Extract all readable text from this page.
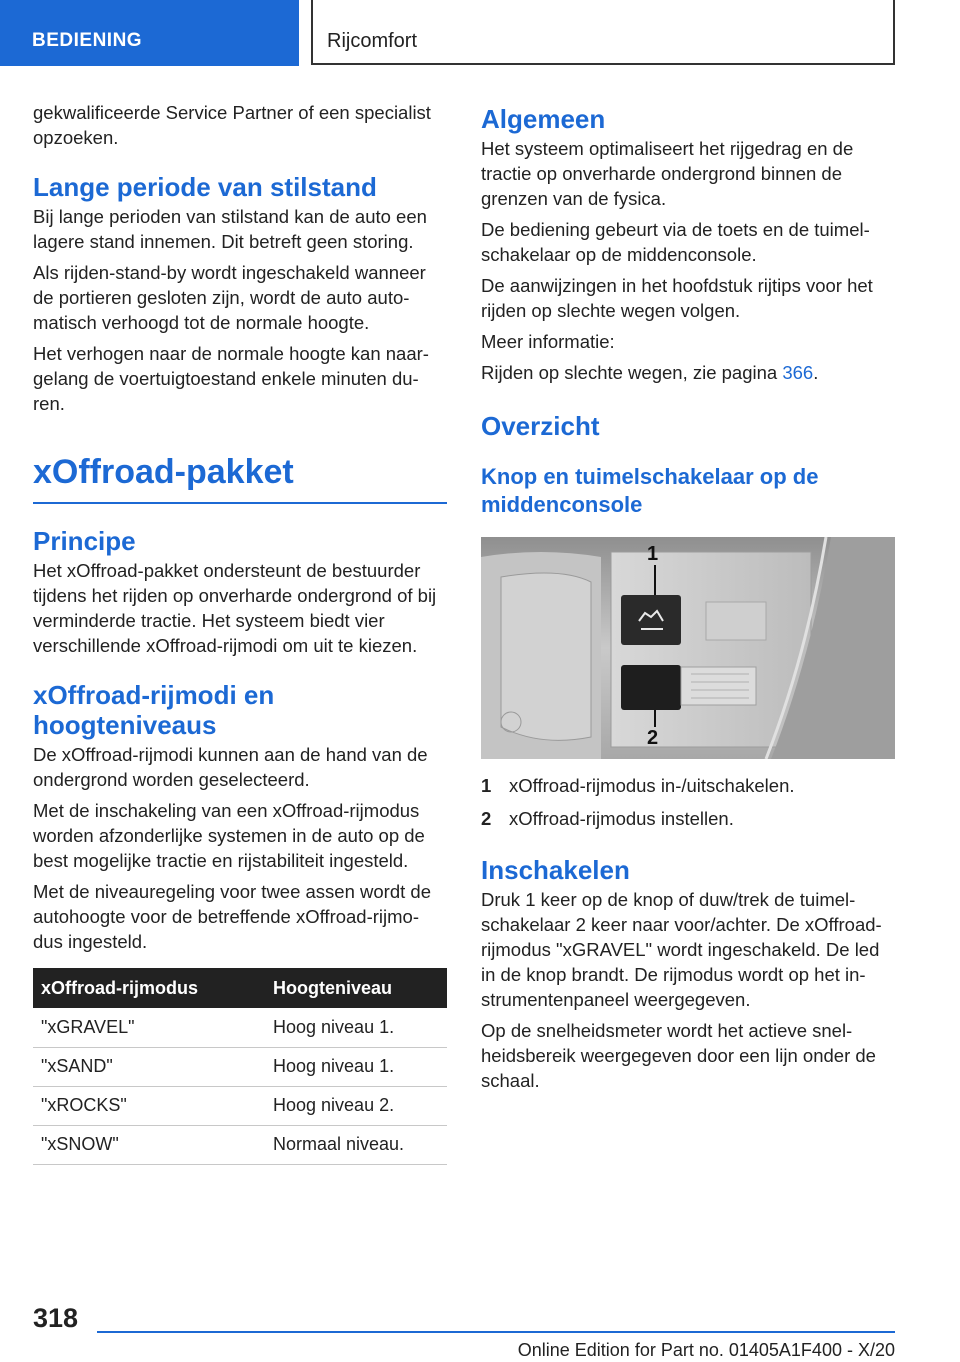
BEDIENING	Rijcomfort

gekwalificeerde Service Partner of een specialist opzoeken.

Lange periode van stilstand

Bij lange perioden van stilstand kan de auto een lagere stand innemen. Dit betreft geen storing.

Als rijden-stand-by wordt ingeschakeld wanneer de portieren gesloten zijn, wordt de auto auto-matisch verhoogd tot de normale hoogte.

Het verhogen naar de normale hoogte kan naar-gelang de voertuigtoestand enkele minuten du-ren.

xOffroad-pakket
Principe

Het xOffroad-pakket ondersteunt de bestuurder tijdens het rijden op onverharde ondergrond of bij verminderde tractie. Het systeem biedt vier verschillende xOffroad-rijmodi om uit te kiezen.

xOffroad-rijmodi en hoogteniveaus

De xOffroad-rijmodi kunnen aan de hand van de ondergrond worden geselecteerd.

Met de inschakeling van een xOffroad-rijmodus worden afzonderlijke systemen in de auto op de best mogelijke tractie en rijstabiliteit ingesteld.

Met de niveauregeling voor twee assen wordt de autohoogte voor de betreffende xOffroad-rijmo-dus ingesteld.

xOffroad-rijmodus	Hoogteniveau
"xGRAVEL"	Hoog niveau 1.
"xSAND"	Hoog niveau 1.
"xROCKS"	Hoog niveau 2.
"xSNOW"	Normaal niveau.
Algemeen

Het systeem optimaliseert het rijgedrag en de tractie op onverharde ondergrond binnen de grenzen van de fysica.

De bediening gebeurt via de toets en de tuimel-schakelaar op de middenconsole.

De aanwijzingen in het hoofdstuk rijtips voor het rijden op slechte wegen volgen.

Meer informatie:

Rijden op slechte wegen, zie pagina 366.

Overzicht
Knop en tuimelschakelaar op de middenconsole
1
2
1 xOffroad-rijmodus in-/uitschakelen.
2 xOffroad-rijmodus instellen.
Inschakelen

Druk 1 keer op de knop of duw/trek de tuimel-schakelaar 2 keer naar voor/achter. De xOffroad-rijmodus "xGRAVEL" wordt ingeschakeld. De led in de knop brandt. De rijmodus wordt op het in-strumentenpaneel weergegeven.

Op de snelheidsmeter wordt het actieve snel-heidsbereik weergegeven door een lijn onder de schaal.

318
Online Edition for Part no. 01405A1F400 - X/20
